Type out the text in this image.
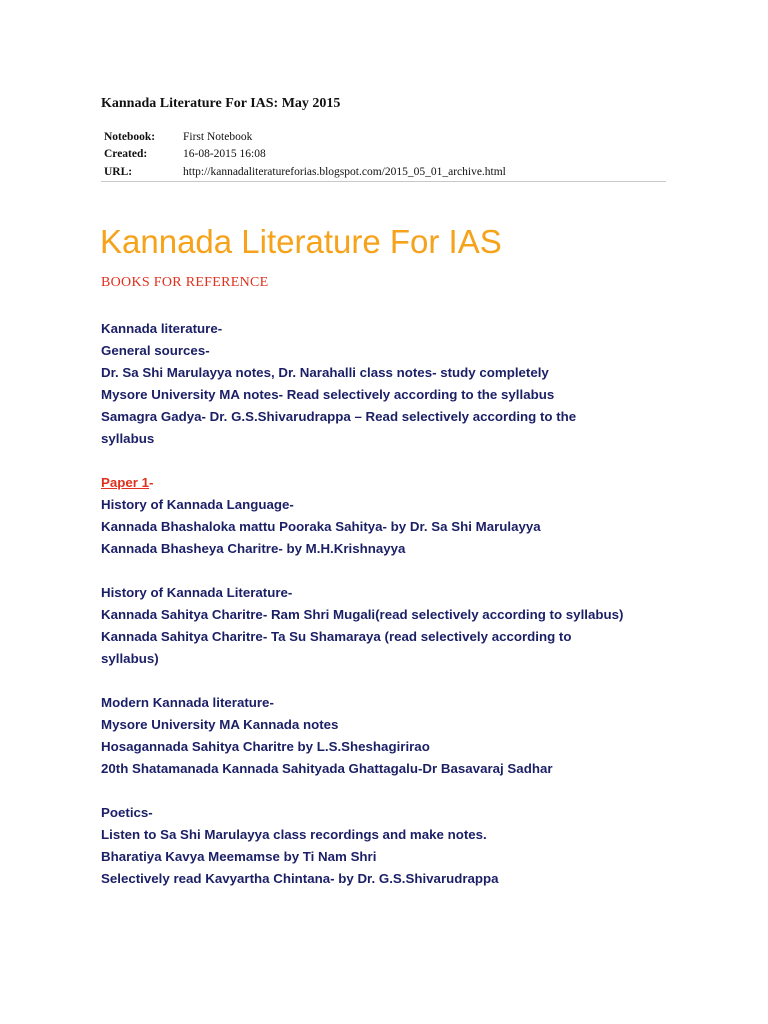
Kannada Literature For IAS: May 2015
Notebook:	First Notebook
Created:	16-08-2015 16:08
URL:	http://kannadaliteratureforias.blogspot.com/2015_05_01_archive.html
Kannada Literature For IAS
BOOKS FOR REFERENCE
Kannada literature-
General sources-
Dr. Sa Shi Marulayya notes, Dr. Narahalli class notes- study completely
Mysore University MA notes- Read selectively according to the syllabus
Samagra Gadya- Dr. G.S.Shivarudrappa – Read selectively according to the
syllabus
Paper 1-
History of Kannada Language-
Kannada Bhashaloka mattu Pooraka Sahitya- by Dr. Sa Shi Marulayya
Kannada Bhasheya Charitre- by M.H.Krishnayya
History of Kannada Literature-
Kannada Sahitya Charitre- Ram Shri Mugali(read selectively according to syllabus)
Kannada Sahitya Charitre- Ta Su Shamaraya (read selectively according to
syllabus)
Modern Kannada literature-
Mysore University MA Kannada notes
Hosagannada Sahitya Charitre by L.S.Sheshagirirao
20th Shatamanada Kannada Sahityada Ghattagalu-Dr Basavaraj Sadhar
Poetics-
Listen to Sa Shi Marulayya class recordings and make notes.
Bharatiya Kavya Meemamse by Ti Nam Shri
Selectively read Kavyartha Chintana- by Dr. G.S.Shivarudrappa
